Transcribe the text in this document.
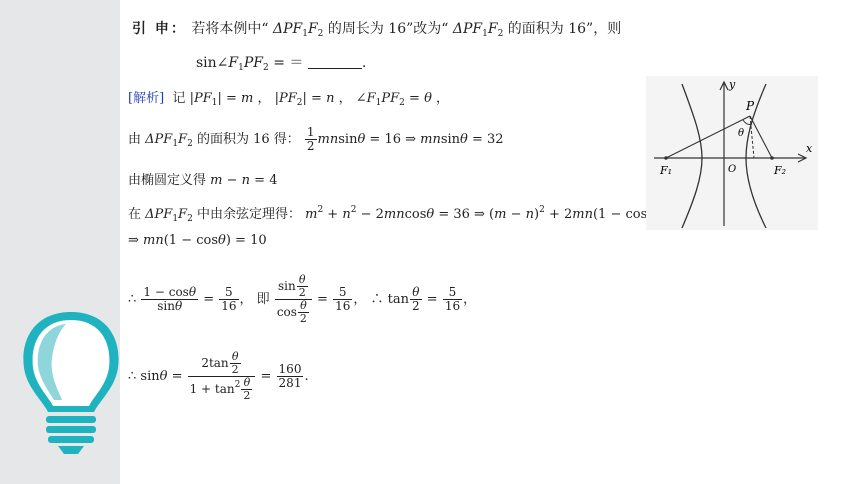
引 申： 若将本例中“ $\Delta PF_1F_2$ 的周长为 16”改为“ $\Delta PF_1F_2$ 的面积为 16”，则
$\sin\angle F_1PF_2$ = ＝	.
[解析] 记 $|PF_1| = m$ ， $|PF_2| = n$ ， $\angle F_1PF_2 = \theta$ ，
由 $\Delta PF_1F_2$ 的面积为 16 得： $\frac{1}{2}$ mnsinθ = 16 ⇒ mnsinθ = 32
由椭圆定义得 m − n = 4
在 $\Delta PF_1F_2$ 中由余弦定理得： $m^2 + n^2 - 2mncos\theta = 36$ ⇒ $(m - n)^2 + 2mn(1 - \cos\theta) = 36$
⇒ mn(1 − cosθ) = 10
∴ $\frac{1 - \cos\theta}{\sin\theta} = \frac{5}{16}$ ， 即 $\frac{\sin \frac{\theta}{2}}{\cos \frac{\theta}{2}} = \frac{5}{16}$ ， ∴ $\tan \frac{\theta}{2} = \frac{5}{16}$ ，
∴ $\sin\theta = \frac{2\tan \frac{\theta}{2}}{1 + \tan^2 \frac{\theta}{2}} = \frac{160}{281}$ .
y
x
P
O
F₁	F₂
θ
